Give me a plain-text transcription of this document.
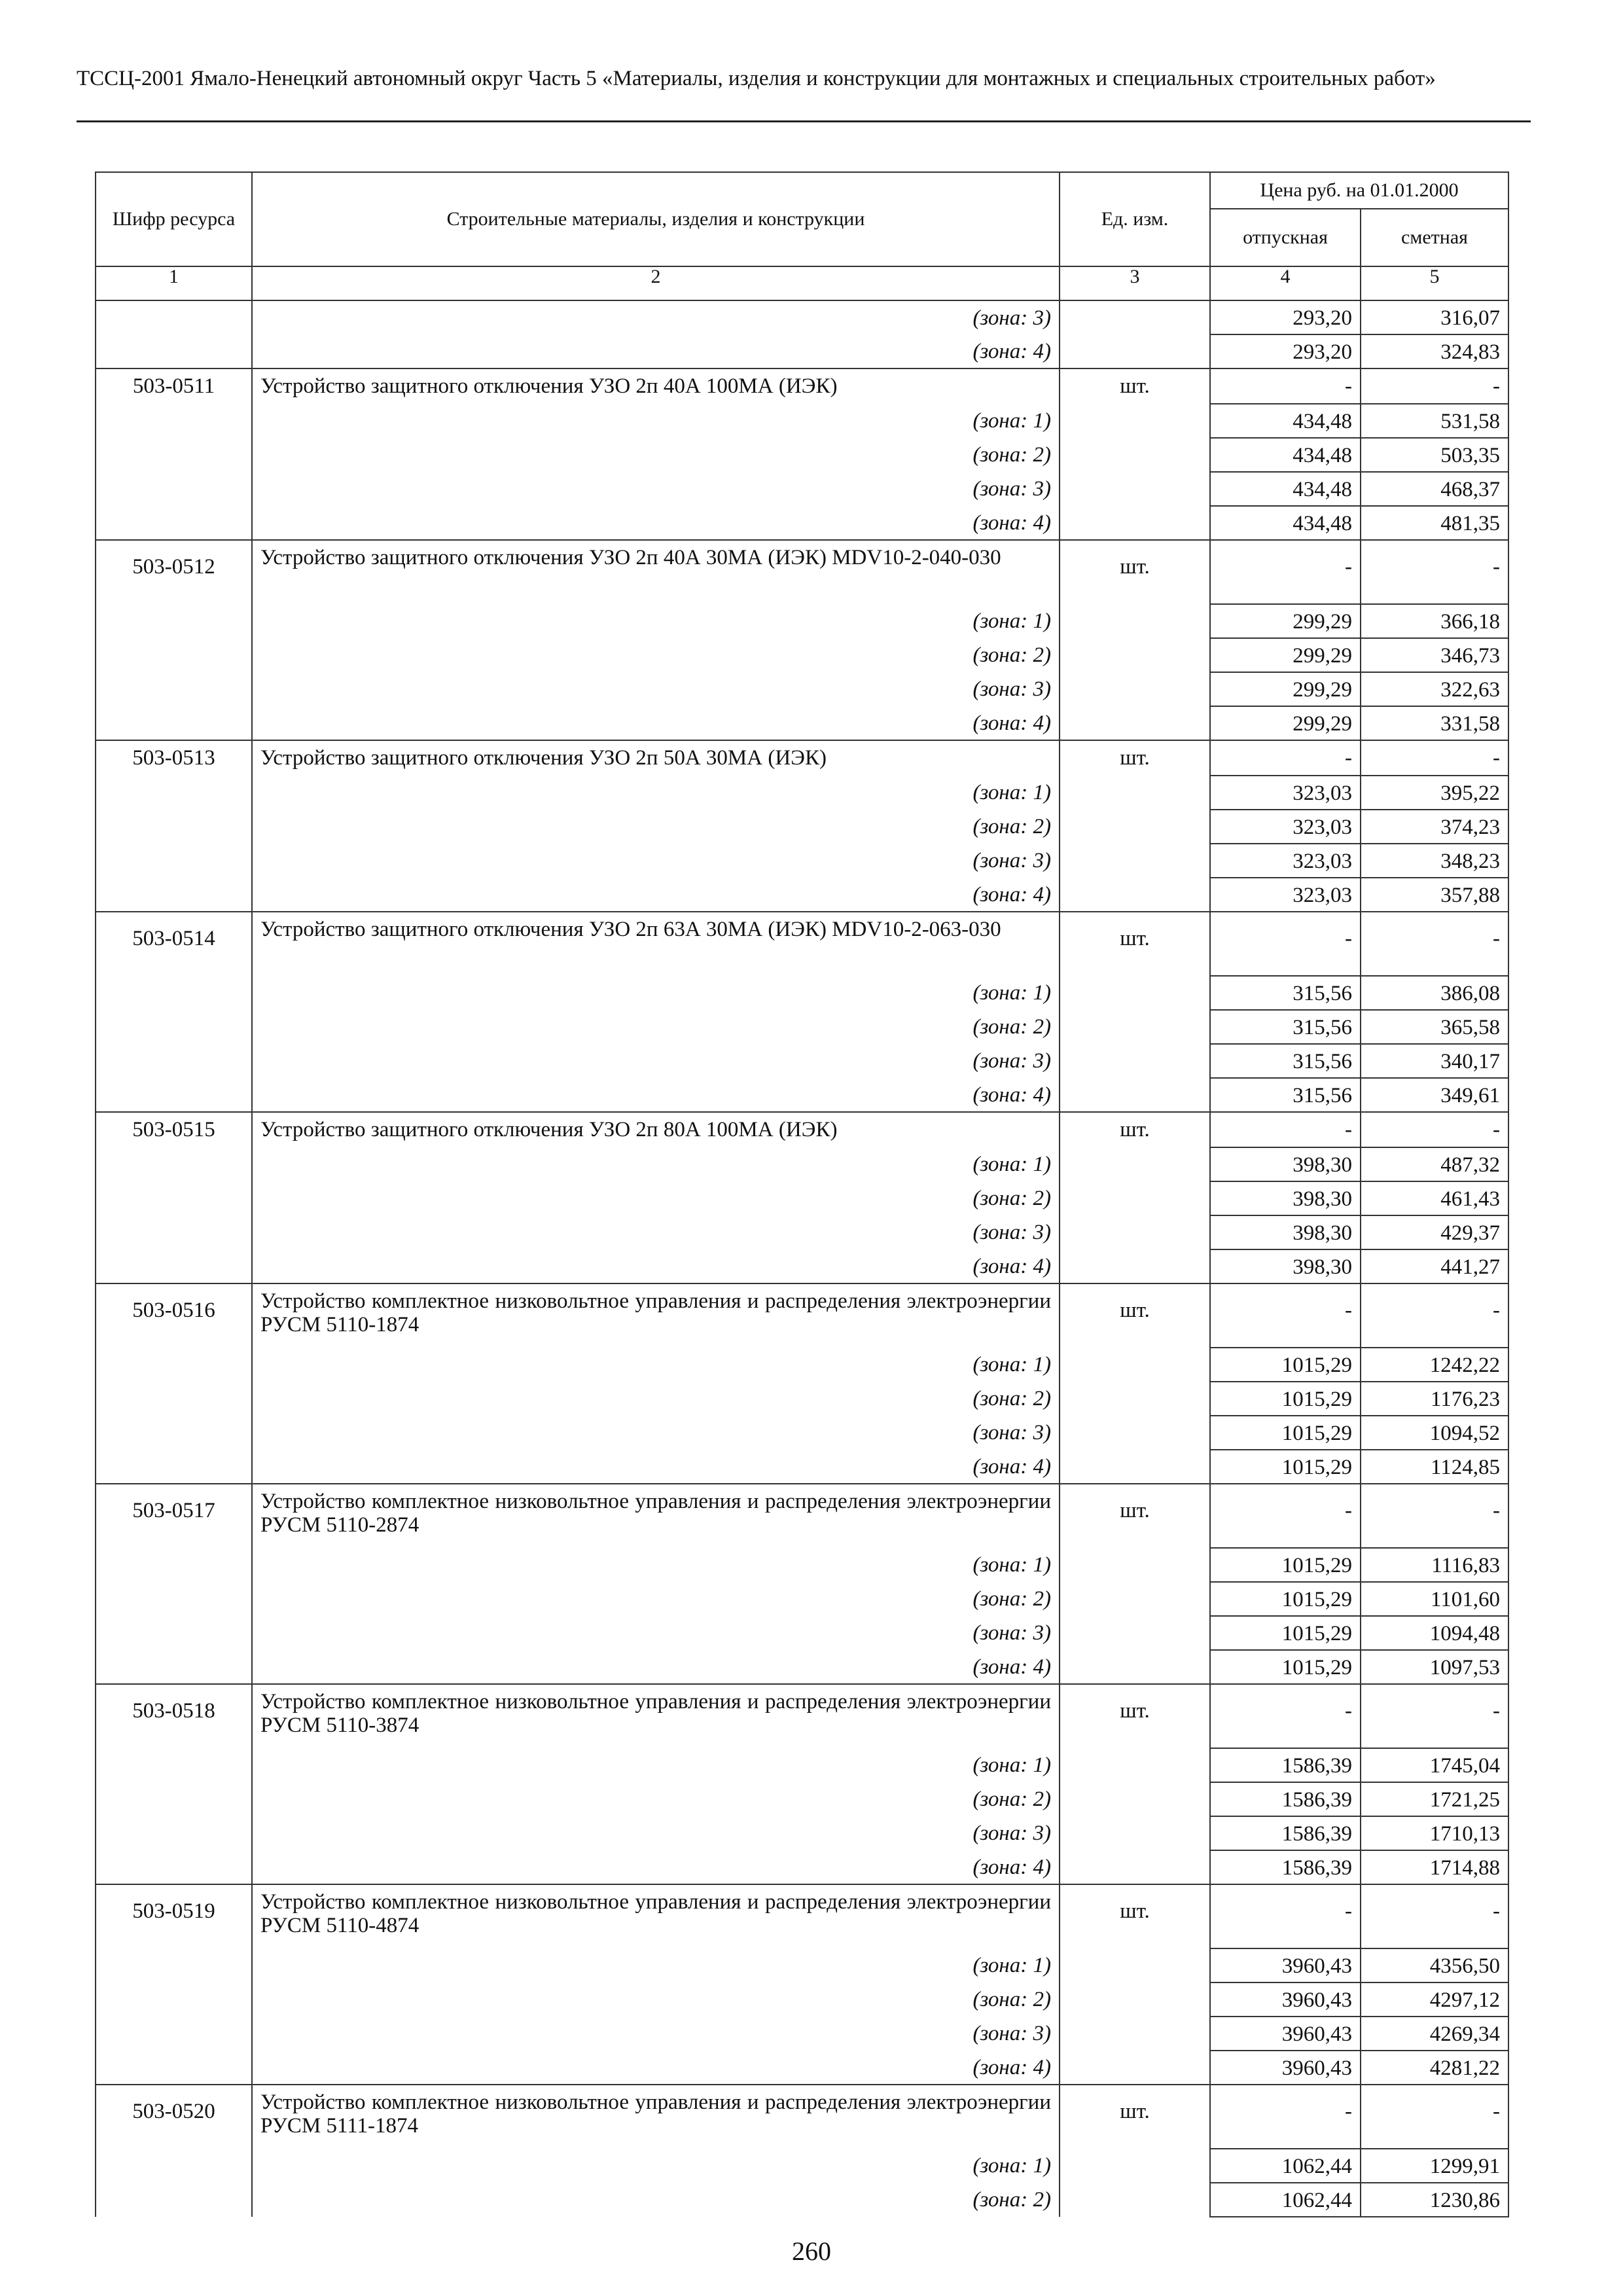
ТССЦ-2001 Ямало-Ненецкий автономный округ Часть 5 «Материалы, изделия и конструкции для монтажных и специальных строительных работ»
Шифр ресурса	Строительные материалы, изделия и конструкции	Ед. изм.	Цена руб. на 01.01.2000	
			отпускная	сметная
1	2	3	4	5
	(зона: 3)		293,20	316,07
	(зона: 4)		293,20	324,83
503-0511	Устройство защитного отключения УЗО 2п 40А 100МА (ИЭК)	шт.	-	-
	(зона: 1)		434,48	531,58
	(зона: 2)		434,48	503,35
	(зона: 3)		434,48	468,37
	(зона: 4)		434,48	481,35
503-0512	Устройство защитного отключения УЗО 2п 40А 30МА (ИЭК) MDV10-2-040-030	шт.	-	-
	(зона: 1)		299,29	366,18
	(зона: 2)		299,29	346,73
	(зона: 3)		299,29	322,63
	(зона: 4)		299,29	331,58
503-0513	Устройство защитного отключения УЗО 2п 50А 30МА (ИЭК)	шт.	-	-
	(зона: 1)		323,03	395,22
	(зона: 2)		323,03	374,23
	(зона: 3)		323,03	348,23
	(зона: 4)		323,03	357,88
503-0514	Устройство защитного отключения УЗО 2п 63А 30МА (ИЭК) MDV10-2-063-030	шт.	-	-
	(зона: 1)		315,56	386,08
	(зона: 2)		315,56	365,58
	(зона: 3)		315,56	340,17
	(зона: 4)		315,56	349,61
503-0515	Устройство защитного отключения УЗО 2п 80А 100МА (ИЭК)	шт.	-	-
	(зона: 1)		398,30	487,32
	(зона: 2)		398,30	461,43
	(зона: 3)		398,30	429,37
	(зона: 4)		398,30	441,27
503-0516	Устройство комплектное низковольтное управления и распределения электроэнергии РУСМ 5110-1874	шт.	-	-
	(зона: 1)		1015,29	1242,22
	(зона: 2)		1015,29	1176,23
	(зона: 3)		1015,29	1094,52
	(зона: 4)		1015,29	1124,85
503-0517	Устройство комплектное низковольтное управления и распределения электроэнергии РУСМ 5110-2874	шт.	-	-
	(зона: 1)		1015,29	1116,83
	(зона: 2)		1015,29	1101,60
	(зона: 3)		1015,29	1094,48
	(зона: 4)		1015,29	1097,53
503-0518	Устройство комплектное низковольтное управления и распределения электроэнергии РУСМ 5110-3874	шт.	-	-
	(зона: 1)		1586,39	1745,04
	(зона: 2)		1586,39	1721,25
	(зона: 3)		1586,39	1710,13
	(зона: 4)		1586,39	1714,88
503-0519	Устройство комплектное низковольтное управления и распределения электроэнергии РУСМ 5110-4874	шт.	-	-
	(зона: 1)		3960,43	4356,50
	(зона: 2)		3960,43	4297,12
	(зона: 3)		3960,43	4269,34
	(зона: 4)		3960,43	4281,22
503-0520	Устройство комплектное низковольтное управления и распределения электроэнергии РУСМ 5111-1874	шт.	-	-
	(зона: 1)		1062,44	1299,91
	(зона: 2)		1062,44	1230,86
260
